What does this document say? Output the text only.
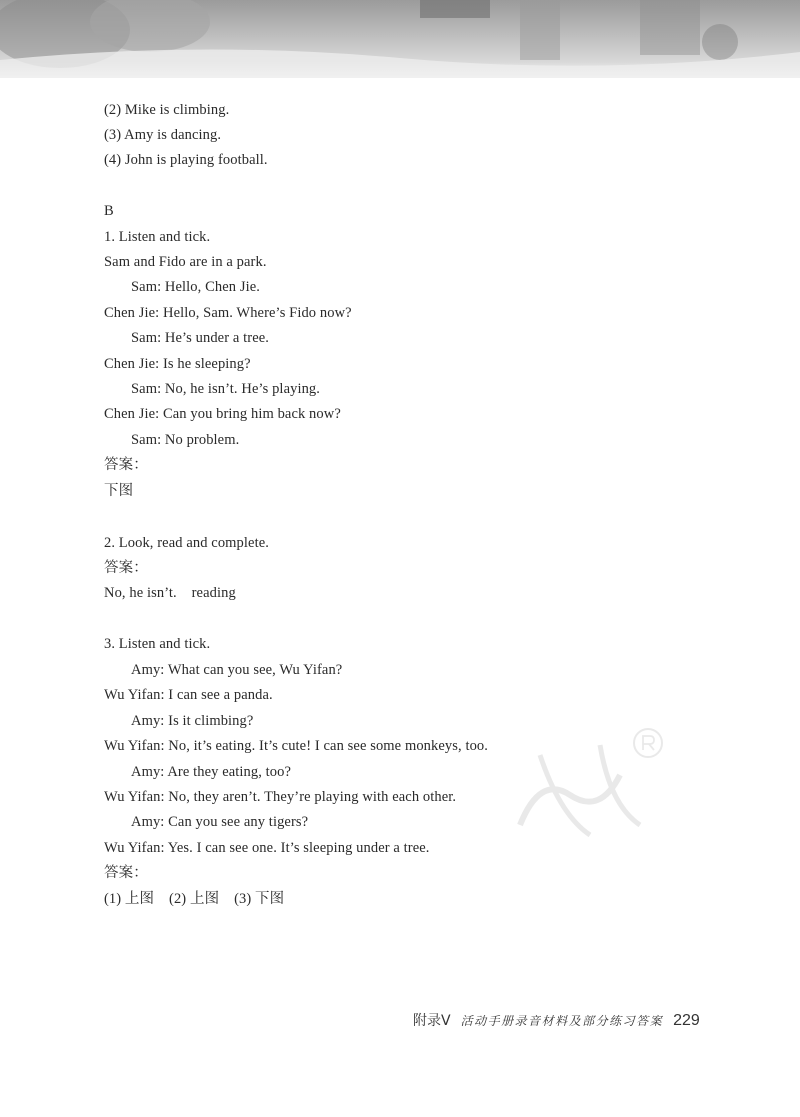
(2) Mike is climbing.
(3) Amy is dancing.
(4) John is playing football.
B
1. Listen and tick.
Sam and Fido are in a park.
Sam: Hello, Chen Jie.
Chen Jie: Hello, Sam. Where’s Fido now?
Sam: He’s under a tree.
Chen Jie: Is he sleeping?
Sam: No, he isn’t. He’s playing.
Chen Jie: Can you bring him back now?
Sam: No problem.
答案：
下图
2. Look, read and complete.
答案：
No, he isn’t.    reading
3. Listen and tick.
Amy: What can you see, Wu Yifan?
Wu Yifan: I can see a panda.
Amy: Is it climbing?
Wu Yifan: No, it’s eating. It’s cute! I can see some monkeys, too.
Amy: Are they eating, too?
Wu Yifan: No, they aren’t. They’re playing with each other.
Amy: Can you see any tigers?
Wu Yifan: Yes. I can see one. It’s sleeping under a tree.
答案：
(1) 上图    (2) 上图    (3) 下图
附录Ⅴ 活动手册录音材料及部分练习答案 229
